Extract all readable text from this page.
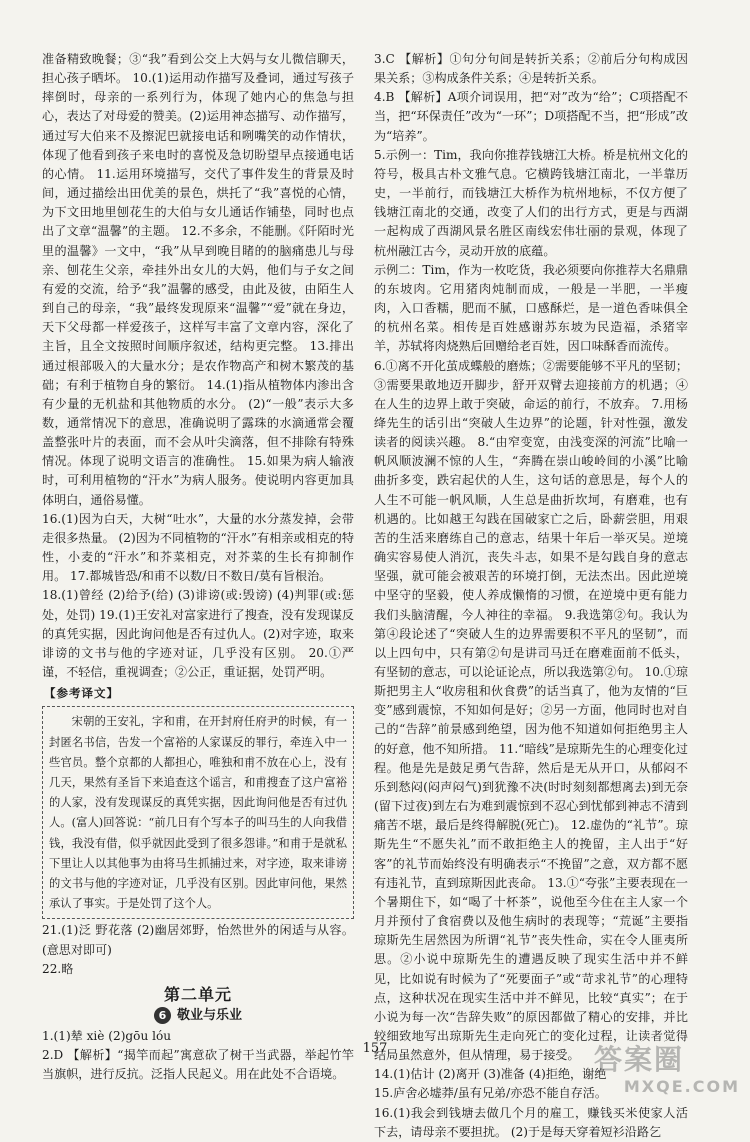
准备精致晚餐；③“我”看到公交上大妈与女儿微信聊天，担心孩子晒坏。 10.(1)运用动作描写及叠词，通过写孩子摔倒时，母亲的一系列行为，体现了她内心的焦急与担心，表达了对母爱的赞美。(2)运用神态描写、动作描写，通过写大伯来不及擦泥巴就接电话和咧嘴笑的动作情状，体现了他看到孩子来电时的喜悦及急切盼望早点接通电话的心情。 11.运用环境描写，交代了事件发生的背景及时间，通过描绘出田优美的景色，烘托了“我”喜悦的心情，为下文田地里刨花生的大伯与女儿通话作铺垫，同时也点出了文章“温馨”的主题。 12.不多余，不能删。《阡陌时光里的温馨》一文中，“我”从早到晚目睹的的脑痛患儿与母亲、刨花生父亲，牵挂外出女儿的大妈，他们与子女之间有爱的交流，给予“我”温馨的感受，由此及彼，由陌生人到自己的母亲，“我”最终发现原来“温馨”“爱”就在身边，天下父母都一样爱孩子，这样写丰富了文章内容，深化了主旨，且全文按照时间顺序叙述，结构更完整。 13.排出通过根部吸入的大量水分；是农作物高产和树木繁茂的基础；有利于植物自身的繁衍。 14.(1)指从植物体内渗出含有少量的无机盐和其他物质的水分。 (2)“一般”表示大多数，通常情况下的意思，准确说明了露珠的水滴通常会覆盖整张叶片的表面，而不会从叶尖滴落，但不排除有特殊情况。体现了说明文语言的准确性。 15.如果为病人输液时，可利用植物的“汗水”为病人服务。使说明内容更加具体明白，通俗易懂。

16.(1)因为白天，大树“吐水”，大量的水分蒸发掉，会带走很多热量。 (2)因为不同植物的“汗水”有相亲或相克的特性，小麦的“汗水”和芥菜相克，对芥菜的生长有抑制作用。 17.都城皆恐/和甫不以数/日不数日/莫有旨根治。

18.(1)曾经 (2)给予(给) (3)诽谤(或:毁谤) (4)判罪(或:惩处，处罚) 19.(1)王安礼对富家进行了搜查，没有发现谋反的真凭实据，因此询问他是否有过仇人。(2)对字迹，取来诽谤的文书与他的字迹对证，几乎没有区别。 20.①严谨，不轻信，重视调查；②公正，重证据，处罚严明。

【参考译文】
宋朝的王安礼，字和甫，在开封府任府尹的时候，有一封匿名书信，告发一个富裕的人家谋反的罪行，牵连入中一些官员。整个京都的人都担心，唯独和甫不放在心上，没有几天，果然有圣旨下来追查这个谣言，和甫搜查了这户富裕的人家，没有发现谋反的真凭实据，因此询问他是否有过仇人。(富人)回答说：“前几日有个写本子的叫马生的人向我借钱，我没有借，似乎就因此受到了很多怨诽。”和甫于是就私下里让人以其他事为由将马生抓捕过来，对字迹，取来诽谤的文书与他的字迹对证，几乎没有区别。因此审问他，果然承认了事实。于是处罚了这个人。

21.(1)泛 野花落 (2)幽居郊野，怡然世外的闲适与从容。(意思对即可)

22.略

第二单元
6 敬业与乐业

1.(1)辇 xiè (2)gōu lóu

2.D 【解析】“揭竿而起”寓意砍了树干当武器，举起竹竿当旗帜，进行反抗。泛指人民起义。用在此处不合语境。

3.C 【解析】①句分句间是转折关系；②前后分句构成因果关系；③构成条件关系；④是转折关系。

4.B 【解析】A项介词误用，把“对”改为“给”；C项搭配不当，把“环保责任”改为“一环”；D项搭配不当，把“形成”改为“培养”。

5.示例一：Tim，我向你推荐钱塘江大桥。桥是杭州文化的符号，极具古朴文雅气息。它横跨钱塘江南北，一半靠历史，一半前行，而钱塘江大桥作为杭州地标，不仅方便了钱塘江南北的交通，改变了人们的出行方式，更是与西湖一起构成了西湖风景名胜区南线宏伟壮丽的景观，体现了杭州融江古今，灵动开放的底蕴。

示例二：Tim，作为一枚吃货，我必须要向你推荐大名鼎鼎的东坡肉。它用猪肉炖制而成，一般是一半肥，一半瘦肉，入口香糯，肥而不腻，口感酥烂，是一道色香味俱全的杭州名菜。相传是百姓感谢苏东坡为民造福，杀猪宰羊，苏轼将肉烧熟后回赠给老百姓，因口味酥香而流传。

6.①离不开化茧成蝶般的磨炼；②需要能够不平凡的坚韧；③需要果敢地迈开脚步，舒开双臂去迎接前方的机遇；④在人生的边界上敢于突破，命运的前行，不放弃。 7.用杨绛先生的话引出“突破人生边界”的论题，针对性强，激发读者的阅读兴趣。 8.“由窄变宽，由浅变深的河流”比喻一帆风顺波澜不惊的人生，“奔腾在崇山峻岭间的小溪”比喻曲折多变，跌宕起伏的人生，这句话的意思是，每个人的人生不可能一帆风顺，人生总是曲折坎坷，有磨难，也有机遇的。比如越王勾践在国破家亡之后，卧薪尝胆，用艰苦的生活来磨练自己的意志，结果十年后一举灭吴。逆境确实容易使人消沉，丧失斗志，如果不是勾践自身的意志坚强，就可能会被艰苦的环境打倒，无法杰出。因此逆境中坚守的坚毅，使人养成懒惰的习惯，在逆境中更有能力我们头脑清醒，今人神往的幸福。 9.我选第②句。我认为第④段论述了“突破人生的边界需要积不平凡的坚韧”，而以上四句中，只有第②句是讲司马迁在磨难面前不低头，有坚韧的意志，可以论证论点，所以我选第②句。 10.①琼斯把男主人“收房租和伙食费”的话当真了，他为友情的“巨变”感到震惊，不知如何是好；②另一方面，他同时也对自己的“告辞”前景感到绝望，因为他不知道如何拒绝男主人的好意，他不知所措。 11.“暗线”是琼斯先生的心理变化过程。他是先是鼓足勇气告辞，然后是无从开口，从郁闷不乐到愁闷(闷声闷气)到犹豫不决(时时刻刻都想离去)到无奈(留下过夜)到左右为难到震惊到不忍心到忧郁到神志不清到痛苦不堪，最后是终得解脱(死亡)。 12.虚伪的“礼节”。琼斯先生“不愿失礼”而不敢拒绝主人的挽留，主人出于“好客”的礼节而始终没有明确表示“不挽留”之意，双方都不愿有违礼节，直到琼斯因此丧命。 13.①“夸张”主要表现在一个暑期住下，如“喝了十杯茶”，说他至今住在主人家一个月并预付了食宿费以及他生病时的表现等；“荒诞”主要指琼斯先生居然因为所谓“礼节”丧失性命，实在令人匪夷所思。②小说中琼斯先生的遭遇反映了现实生活中并不鲜见，比如说有时候为了“死要面子”或“苛求礼节”的心理特点，这种状况在现实生活中并不鲜见，比较“真实”；在于小说为每一次“告辞失败”的原因都做了精心的安排，并比较细致地写出琼斯先生走向死亡的变化过程，让读者觉得结局虽然意外，但从情理，易于接受。

14.(1)估计 (2)离开 (3)准备 (4)拒绝，谢绝

15.庐舍必墟莽/虽有兄弟/亦恐不能自存活。

16.(1)我会到钱塘去做几个月的雇工，赚钱买米使家人活下去，请母亲不要担扰。 (2)于是每天穿着短衫沿路乞

157	答案圈
MXQE.COM
